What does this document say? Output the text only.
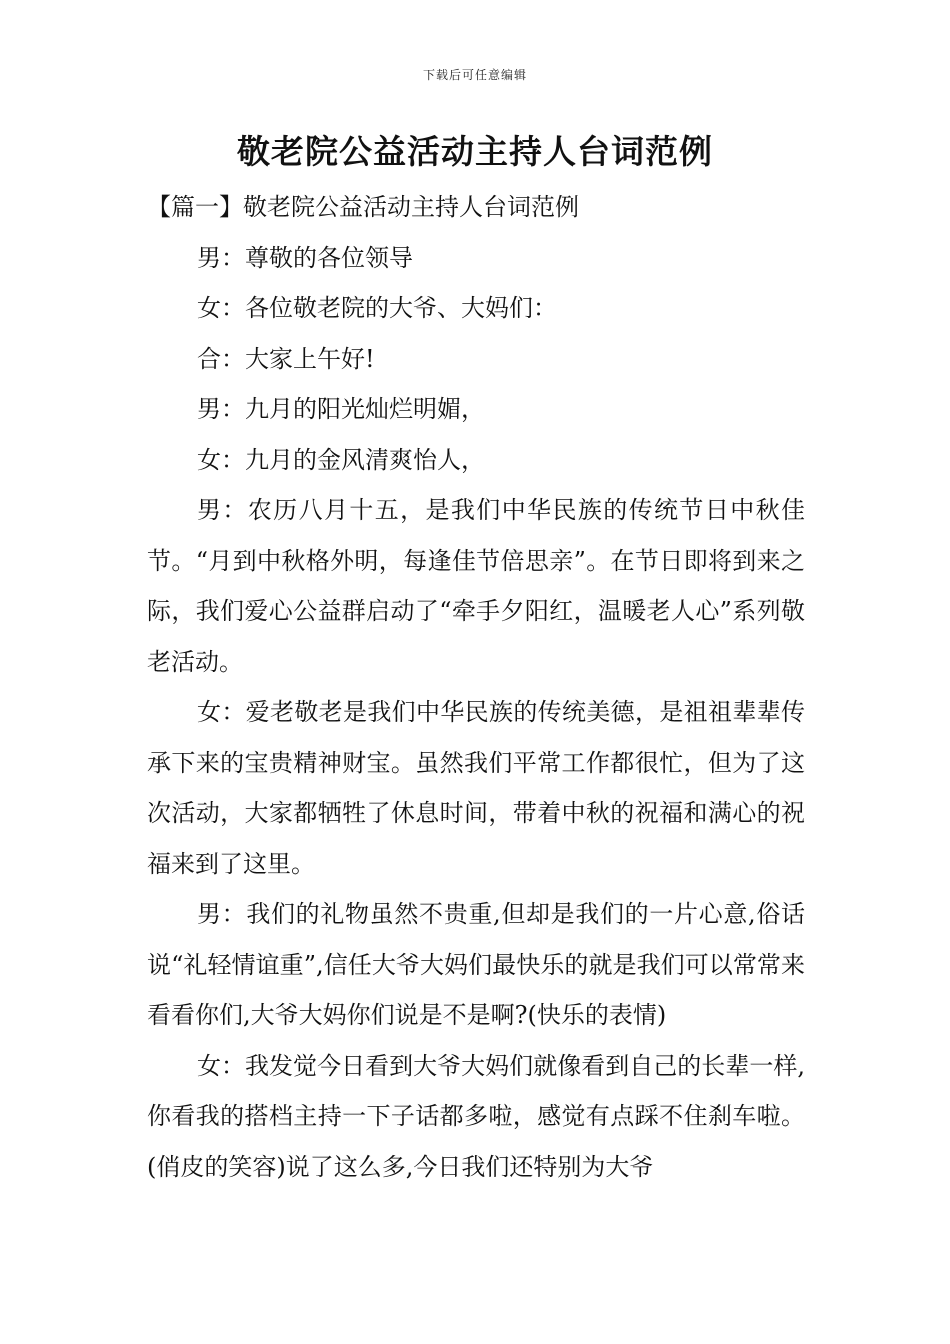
下载后可任意编辑
敬老院公益活动主持人台词范例

【篇一】敬老院公益活动主持人台词范例

男：尊敬的各位领导

女：各位敬老院的大爷、大妈们：

合：大家上午好!

男：九月的阳光灿烂明媚，

女：九月的金风清爽怡人，

男：农历八月十五，是我们中华民族的传统节日中秋佳节。“月到中秋格外明，每逢佳节倍思亲”。在节日即将到来之际，我们爱心公益群启动了“牵手夕阳红，温暖老人心”系列敬老活动。

女：爱老敬老是我们中华民族的传统美德，是祖祖辈辈传承下来的宝贵精神财宝。虽然我们平常工作都很忙，但为了这次活动，大家都牺牲了休息时间，带着中秋的祝福和满心的祝福来到了这里。

男：我们的礼物虽然不贵重,但却是我们的一片心意,俗话说“礼轻情谊重”,信任大爷大妈们最快乐的就是我们可以常常来看看你们,大爷大妈你们说是不是啊?(快乐的表情)

女：我发觉今日看到大爷大妈们就像看到自己的长辈一样,你看我的搭档主持一下子话都多啦，感觉有点踩不住刹车啦。(俏皮的笑容)说了这么多,今日我们还特别为大爷
